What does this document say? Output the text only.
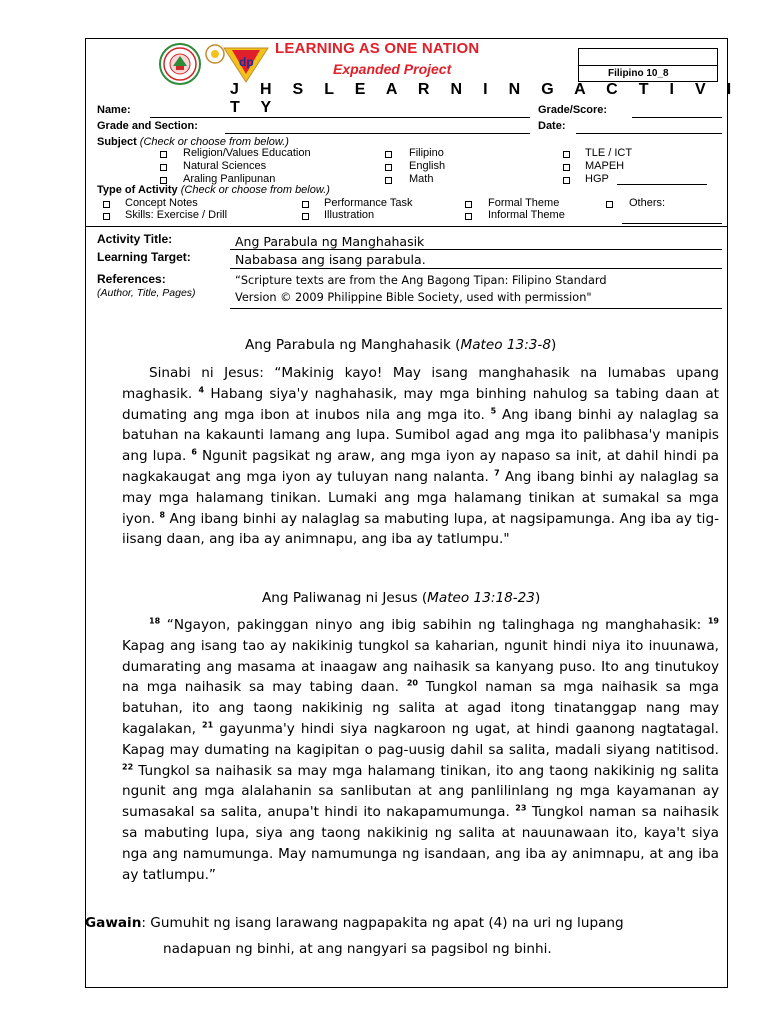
dp
LEARNING AS ONE NATION
Expanded Project
J H S L E A R N I N G A C T I V I T Y
Filipino 10_8
Name:	Grade/Score:
Grade and Section:	Date:
Subject (Check or choose from below.)
Religion/Values Education
Natural Sciences
Araling Panlipunan
Filipino
English
Math
TLE / ICT
MAPEH
HGP
Type of Activity (Check or choose from below.)
Concept Notes
Skills: Exercise / Drill
Performance Task
Illustration
Formal Theme
Informal Theme
Others:
Activity Title:	Ang Parabula ng Manghahasik
Learning Target:	Nababasa ang isang parabula.
References:
(Author, Title, Pages)
“Scripture texts are from the Ang Bagong Tipan: Filipino Standard
Version © 2009 Philippine Bible Society, used with permission"
Ang Parabula ng Manghahasik (Mateo 13:3-8)

Sinabi ni Jesus: “Makinig kayo! May isang manghahasik na lumabas upang maghasik. $^4$ Habang siya'y naghahasik, may mga binhing nahulog sa tabing daan at dumating ang mga ibon at inubos nila ang mga ito. $^5$ Ang ibang binhi ay nalaglag sa batuhan na kakaunti lamang ang lupa. Sumibol agad ang mga ito palibhasa'y manipis ang lupa. $^6$ Ngunit pagsikat ng araw, ang mga iyon ay napaso sa init, at dahil hindi pa nagkakaugat ang mga iyon ay tuluyan nang nalanta. $^7$ Ang ibang binhi ay nalaglag sa may mga halamang tinikan. Lumaki ang mga halamang tinikan at sumakal sa mga iyon. $^8$ Ang ibang binhi ay nalaglag sa mabuting lupa, at nagsipamunga. Ang iba ay tig-iisang daan, ang iba ay animnapu, ang iba ay tatlumpu."

Ang Paliwanag ni Jesus (Mateo 13:18-23)

$^{18}$ “Ngayon, pakinggan ninyo ang ibig sabihin ng talinghaga ng manghahasik: $^{19}$ Kapag ang isang tao ay nakikinig tungkol sa kaharian, ngunit hindi niya ito inuunawa, dumarating ang masama at inaagaw ang naihasik sa kanyang puso. Ito ang tinutukoy na mga naihasik sa may tabing daan. $^{20}$ Tungkol naman sa mga naihasik sa mga batuhan, ito ang taong nakikinig ng salita at agad itong tinatanggap nang may kagalakan, $^{21}$ gayunma'y hindi siya nagkaroon ng ugat, at hindi gaanong nagtatagal. Kapag may dumating na kagipitan o pag-uusig dahil sa salita, madali siyang natitisod. $^{22}$ Tungkol sa naihasik sa may mga halamang tinikan, ito ang taong nakikinig ng salita ngunit ang mga alalahanin sa sanlibutan at ang panlilinlang ng mga kayamanan ay sumasakal sa salita, anupa't hindi ito nakapamumunga. $^{23}$ Tungkol naman sa naihasik sa mabuting lupa, siya ang taong nakikinig ng salita at nauunawaan ito, kaya't siya nga ang namumunga. May namumunga ng isandaan, ang iba ay animnapu, at ang iba ay tatlumpu.”

Gawain: Gumuhit ng isang larawang nagpapakita ng apat (4) na uri ng lupang
nadapuan ng binhi, at ang nangyari sa pagsibol ng binhi.
